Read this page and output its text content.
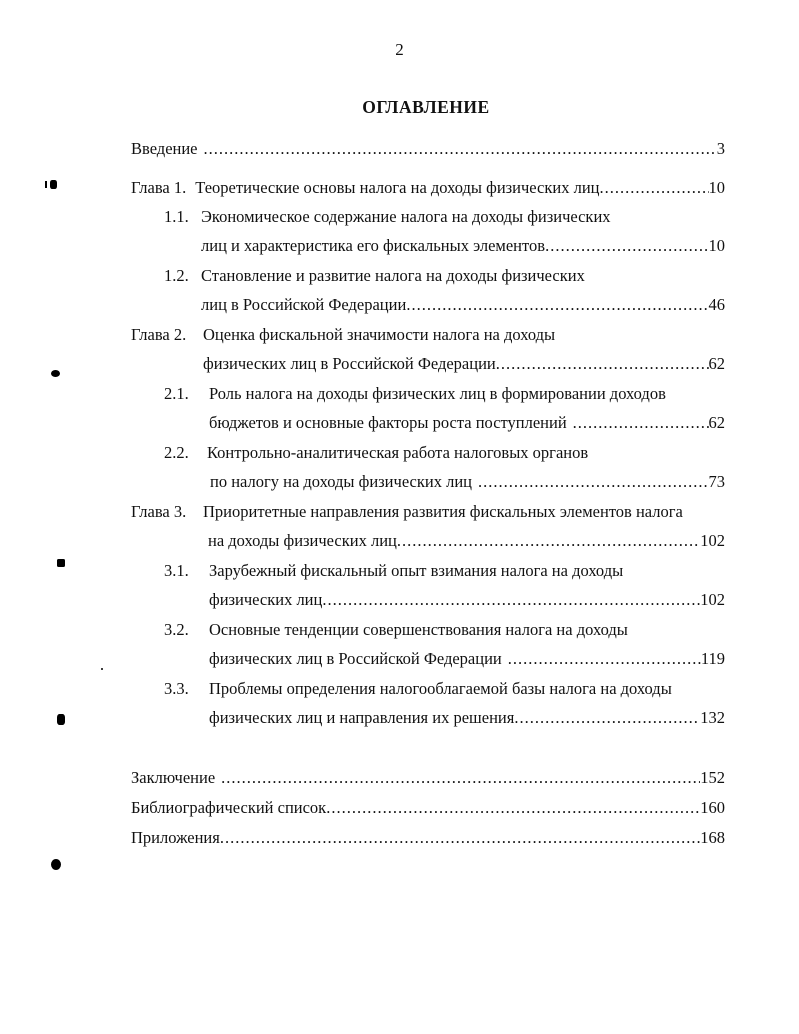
2
ОГЛАВЛЕНИЕ
Введение .....	3
Глава 1. Теоретические основы налога на доходы физических лиц .....	10
1.1. Экономическое содержание налога на доходы физических
лиц и характеристика его фискальных элементов .....	10
1.2. Становление и развитие налога на доходы физических
лиц в Российской Федерации .....	46
Глава 2. Оценка фискальной значимости налога на доходы
физических лиц в Российской Федерации .....	62
2.1. Роль налога на доходы физических лиц в формировании доходов
бюджетов и основные факторы роста поступлений .....	62
2.2. Контрольно-аналитическая работа налоговых органов
по налогу на доходы физических лиц .....	73
Глава 3. Приоритетные направления развития фискальных элементов налога
на доходы физических лиц .....	102
3.1. Зарубежный фискальный опыт взимания налога на доходы
физических лиц .....	102
3.2. Основные тенденции совершенствования налога на доходы
физических лиц в Российской Федерации .....	119
3.3. Проблемы определения налогооблагаемой базы налога на доходы
физических лиц и направления их решения .....	132
Заключение .....	152
Библиографический список .....	160
Приложения .....	168
